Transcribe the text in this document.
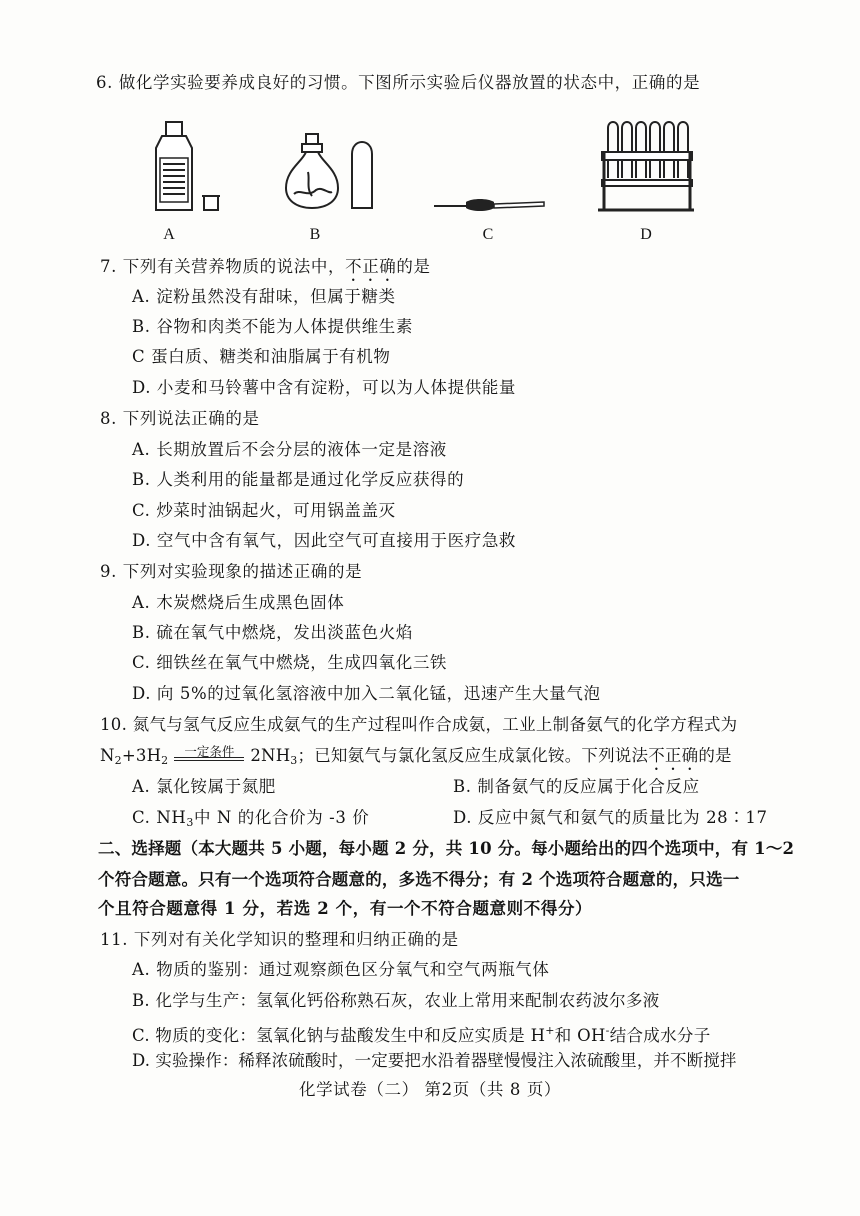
6. 做化学实验要养成良好的习惯。下图所示实验后仪器放置的状态中，正确的是
A	B	C	D
7. 下列有关营养物质的说法中，不正确的是
A. 淀粉虽然没有甜味，但属于糖类
B. 谷物和肉类不能为人体提供维生素
C 蛋白质、糖类和油脂属于有机物
D. 小麦和马铃薯中含有淀粉，可以为人体提供能量
8. 下列说法正确的是
A. 长期放置后不会分层的液体一定是溶液
B. 人类利用的能量都是通过化学反应获得的
C. 炒菜时油锅起火，可用锅盖盖灭
D. 空气中含有氧气，因此空气可直接用于医疗急救
9. 下列对实验现象的描述正确的是
A. 木炭燃烧后生成黑色固体
B. 硫在氧气中燃烧，发出淡蓝色火焰
C. 细铁丝在氧气中燃烧，生成四氧化三铁
D. 向 5%的过氧化氢溶液中加入二氧化锰，迅速产生大量气泡
10. 氮气与氢气反应生成氨气的生产过程叫作合成氨，工业上制备氨气的化学方程式为
$N_2+3H_2$
一定条件 $2NH_3$；已知氨气与氯化氢反应生成氯化铵。下列说法不正确的是
A. 氯化铵属于氮肥	B. 制备氨气的反应属于化合反应
C. $NH_3$中 N 的化合价为 -3 价	D. 反应中氮气和氨气的质量比为 28∶17
二、选择题（本大题共 5 小题，每小题 2 分，共 10 分。每小题给出的四个选项中，有 1～2
个符合题意。只有一个选项符合题意的，多选不得分；有 2 个选项符合题意的，只选一
个且符合题意得 1 分，若选 2 个，有一个不符合题意则不得分）
11. 下列对有关化学知识的整理和归纳正确的是
A. 物质的鉴别：通过观察颜色区分氧气和空气两瓶气体
B. 化学与生产：氢氧化钙俗称熟石灰，农业上常用来配制农药波尔多液
C. 物质的变化：氢氧化钠与盐酸发生中和反应实质是 H+和 OH-结合成水分子
D. 实验操作：稀释浓硫酸时，一定要把水沿着器壁慢慢注入浓硫酸里，并不断搅拌
化学试卷（二） 第2页（共 8 页）
